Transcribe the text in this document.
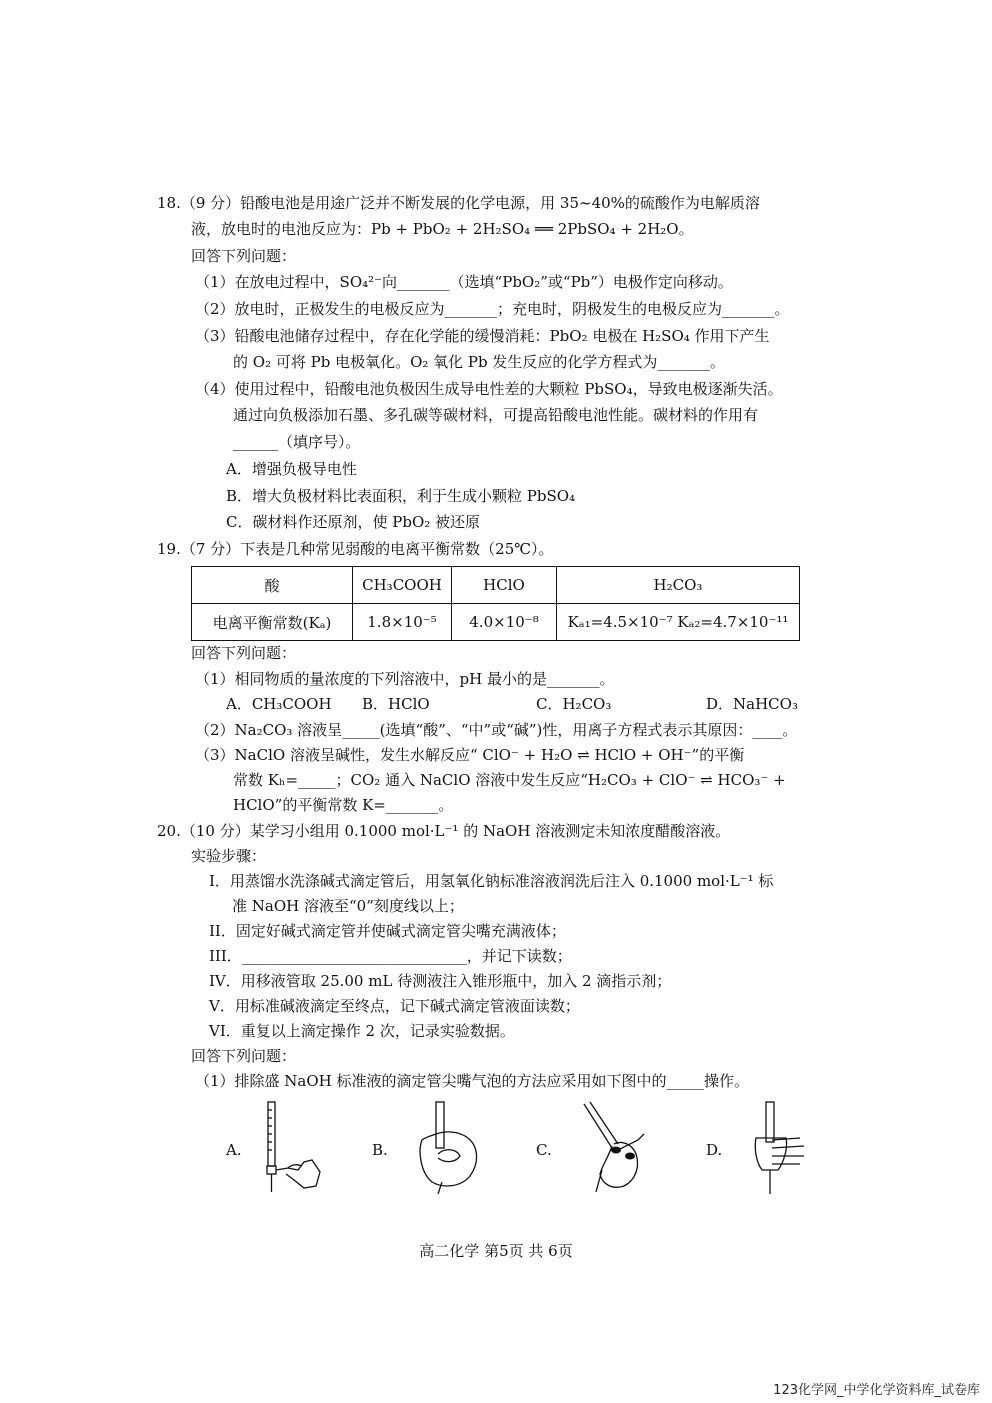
18.（9 分）铅酸电池是用途广泛并不断发展的化学电源，用 35~40%的硫酸作为电解质溶
液，放电时的电池反应为：Pb + PbO₂ + 2H₂SO₄ ══ 2PbSO₄ + 2H₂O。
回答下列问题：
（1）在放电过程中，SO₄²⁻向_______（选填“PbO₂”或“Pb”）电极作定向移动。
（2）放电时，正极发生的电极反应为_______；充电时，阴极发生的电极反应为_______。
（3）铅酸电池储存过程中，存在化学能的缓慢消耗：PbO₂ 电极在 H₂SO₄ 作用下产生
的 O₂ 可将 Pb 电极氧化。O₂ 氧化 Pb 发生反应的化学方程式为_______。
（4）使用过程中，铅酸电池负极因生成导电性差的大颗粒 PbSO₄，导致电极逐渐失活。
通过向负极添加石墨、多孔碳等碳材料，可提高铅酸电池性能。碳材料的作用有
______（填序号）。
A．增强负极导电性
B．增大负极材料比表面积，利于生成小颗粒 PbSO₄
C．碳材料作还原剂，使 PbO₂ 被还原
19.（7 分）下表是几种常见弱酸的电离平衡常数（25℃）。
酸	CH₃COOH	HClO	H₂CO₃
电离平衡常数(Kₐ)	1.8×10⁻⁵	4.0×10⁻⁸	Kₐ₁=4.5×10⁻⁷ Kₐ₂=4.7×10⁻¹¹
回答下列问题：
（1）相同物质的量浓度的下列溶液中，pH 最小的是_______。
A．CH₃COOH B．HClO	C．H₂CO₃	D．NaHCO₃
（2）Na₂CO₃ 溶液呈_____(选填“酸”、“中”或“碱”)性，用离子方程式表示其原因：____。
（3）NaClO 溶液呈碱性，发生水解反应“ ClO⁻ + H₂O ⇌ HClO + OH⁻”的平衡
常数 Kₕ=_____；CO₂ 通入 NaClO 溶液中发生反应“H₂CO₃ + ClO⁻ ⇌ HCO₃⁻ +
HClO”的平衡常数 K=_______。
20.（10 分）某学习小组用 0.1000 mol·L⁻¹ 的 NaOH 溶液测定未知浓度醋酸溶液。
实验步骤：
I．用蒸馏水洗涤碱式滴定管后，用氢氧化钠标准溶液润洗后注入 0.1000 mol·L⁻¹ 标
准 NaOH 溶液至“0”刻度线以上；
II．固定好碱式滴定管并使碱式滴定管尖嘴充满液体；
III．______________________________，并记下读数；
IV．用移液管取 25.00 mL 待测液注入锥形瓶中，加入 2 滴指示剂；
V．用标准碱液滴定至终点，记下碱式滴定管液面读数；
VI．重复以上滴定操作 2 次，记录实验数据。
回答下列问题：
（1）排除盛 NaOH 标准液的滴定管尖嘴气泡的方法应采用如下图中的_____操作。
A.	B.	C.	D.
高二化学 第5页 共 6页
123化学网_中学化学资料库_试卷库
